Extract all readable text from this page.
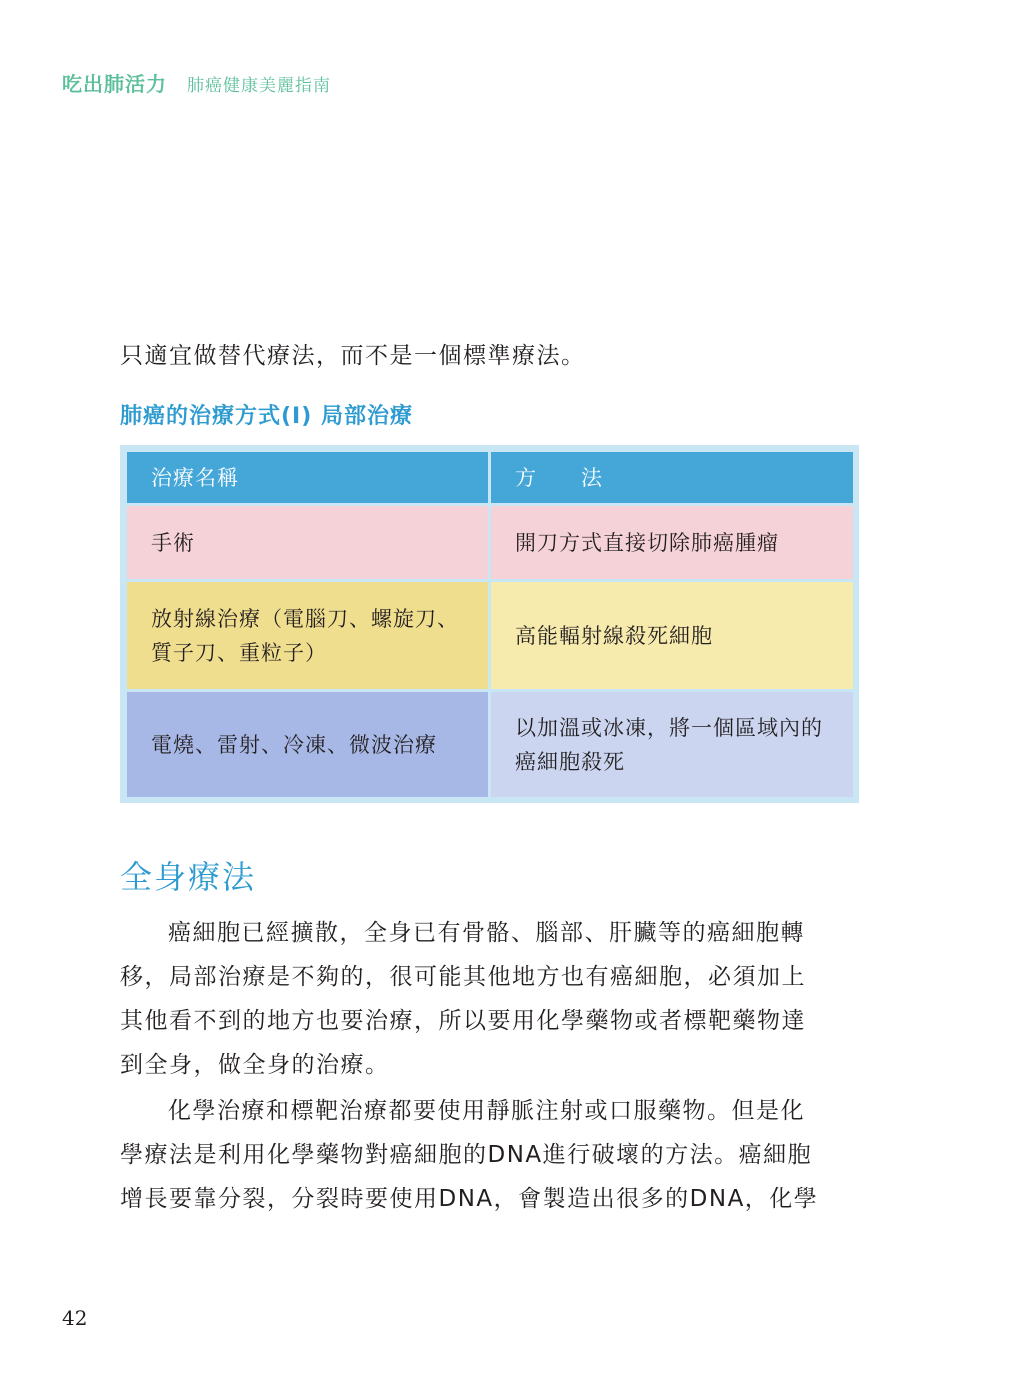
吃出肺活力 肺癌健康美麗指南
只適宜做替代療法，而不是一個標準療法。
肺癌的治療方式(I) 局部治療
治療名稱	方　　法
手術	開刀方式直接切除肺癌腫瘤
放射線治療（電腦刀、螺旋刀、
質子刀、重粒子）
高能輻射線殺死細胞
電燒、雷射、冷凍、微波治療
以加溫或冰凍，將一個區域內的
癌細胞殺死
全身療法
癌細胞已經擴散，全身已有骨骼、腦部、肝臟等的癌細胞轉
移，局部治療是不夠的，很可能其他地方也有癌細胞，必須加上
其他看不到的地方也要治療，所以要用化學藥物或者標靶藥物達
到全身，做全身的治療。
化學治療和標靶治療都要使用靜脈注射或口服藥物。但是化
學療法是利用化學藥物對癌細胞的DNA進行破壞的方法。癌細胞
增長要靠分裂，分裂時要使用DNA，會製造出很多的DNA，化學
42
